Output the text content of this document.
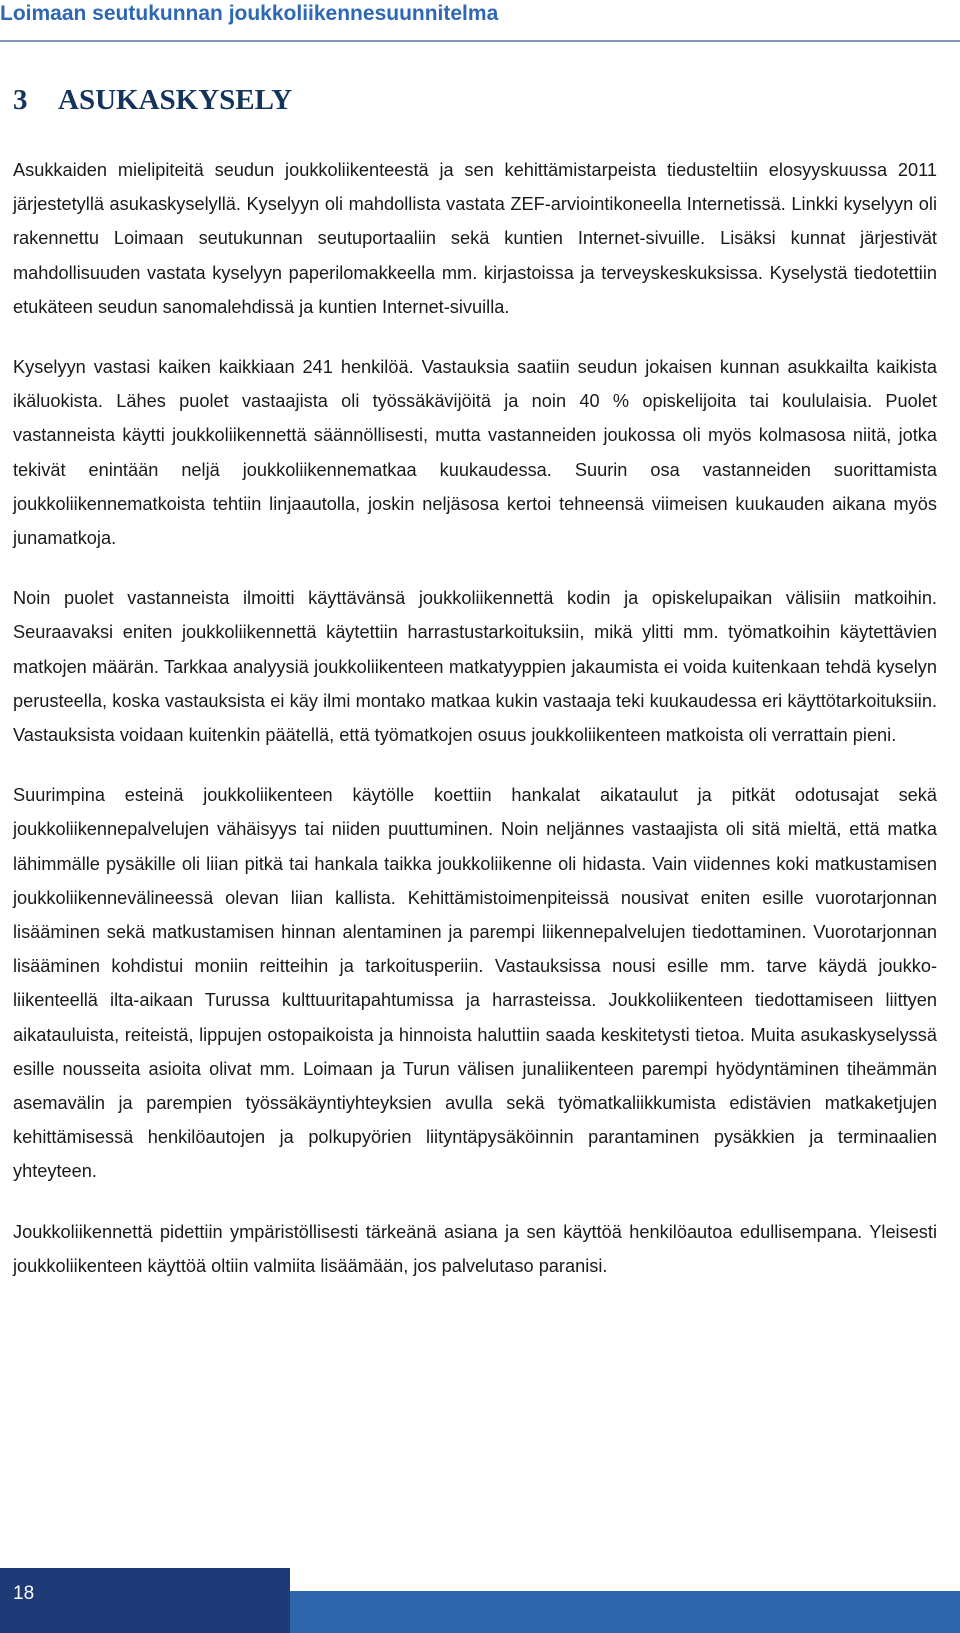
Loimaan seutukunnan joukkoliikennesuunnitelma
3 ASUKASKYSELY

Asukkaiden mielipiteitä seudun joukkoliikenteestä ja sen kehittämistarpeista tiedusteltiin elosyyskuussa 2011 järjestetyllä asukaskyselyllä. Kyselyyn oli mahdollista vastata ZEF-arviointikoneella Internetissä. Linkki kyselyyn oli rakennettu Loimaan seutukunnan seutuportaaliin sekä kuntien Internet-sivuille. Lisäksi kunnat järjestivät mahdollisuuden vastata kyselyyn paperilomakkeella mm. kirjastoissa ja terveyskeskuksissa. Kyselystä tiedotettiin etukäteen seudun sanomalehdissä ja kuntien Internet-sivuilla.

Kyselyyn vastasi kaiken kaikkiaan 241 henkilöä. Vastauksia saatiin seudun jokaisen kunnan asukkailta kaikista ikäluokista. Lähes puolet vastaajista oli työssäkävijöitä ja noin 40 % opiskelijoita tai koululaisia. Puolet vastanneista käytti joukkoliikennettä säännöllisesti, mutta vastanneiden joukossa oli myös kolmasosa niitä, jotka tekivät enintään neljä joukkoliikennematkaa kuukaudessa. Suurin osa vastanneiden suorittamista joukkoliikennematkoista tehtiin linjaautolla, joskin neljäsosa kertoi tehneensä viimeisen kuukauden aikana myös junamatkoja.

Noin puolet vastanneista ilmoitti käyttävänsä joukkoliikennettä kodin ja opiskelupaikan välisiin matkoihin. Seuraavaksi eniten joukkoliikennettä käytettiin harrastustarkoituksiin, mikä ylitti mm. työmatkoihin käytettävien matkojen määrän. Tarkkaa analyysiä joukkoliikenteen matkatyyppien jakaumista ei voida kuitenkaan tehdä kyselyn perusteella, koska vastauksista ei käy ilmi montako matkaa kukin vastaaja teki kuukaudessa eri käyttötarkoituksiin. Vastauksista voidaan kuitenkin päätellä, että työmatkojen osuus joukkoliikenteen matkoista oli verrattain pieni.

Suurimpina esteinä joukkoliikenteen käytölle koettiin hankalat aikataulut ja pitkät odotusajat sekä joukkoliikennepalvelujen vähäisyys tai niiden puuttuminen. Noin neljännes vastaajista oli sitä mieltä, että matka lähimmälle pysäkille oli liian pitkä tai hankala taikka joukkoliikenne oli hidasta. Vain viidennes koki matkustamisen joukkoliikennevälineessä olevan liian kallista. Kehittämistoimenpiteissä nousivat eniten esille vuorotarjonnan lisääminen sekä matkustamisen hinnan alentaminen ja parempi liikennepalvelujen tiedottaminen. Vuorotarjonnan lisääminen kohdistui moniin reitteihin ja tarkoitusperiin. Vastauksissa nousi esille mm. tarve käydä joukkoliikenteellä ilta-aikaan Turussa kulttuuritapahtumissa ja harrasteissa. Joukkoliikenteen tiedottamiseen liittyen aikatauluista, reiteistä, lippujen ostopaikoista ja hinnoista haluttiin saada keskitetysti tietoa. Muita asukaskyselyssä esille nousseita asioita olivat mm. Loimaan ja Turun välisen junaliikenteen parempi hyödyntäminen tiheämmän asemavälin ja parempien työssäkäyntiyhteyksien avulla sekä työmatkaliikkumista edistävien matkaketjujen kehittämisessä henkilöautojen ja polkupyörien liityntäpysäköinnin parantaminen pysäkkien ja terminaalien yhteyteen.

Joukkoliikennettä pidettiin ympäristöllisesti tärkeänä asiana ja sen käyttöä henkilöautoa edullisempana. Yleisesti joukkoliikenteen käyttöä oltiin valmiita lisäämään, jos palvelutaso paranisi.

18
